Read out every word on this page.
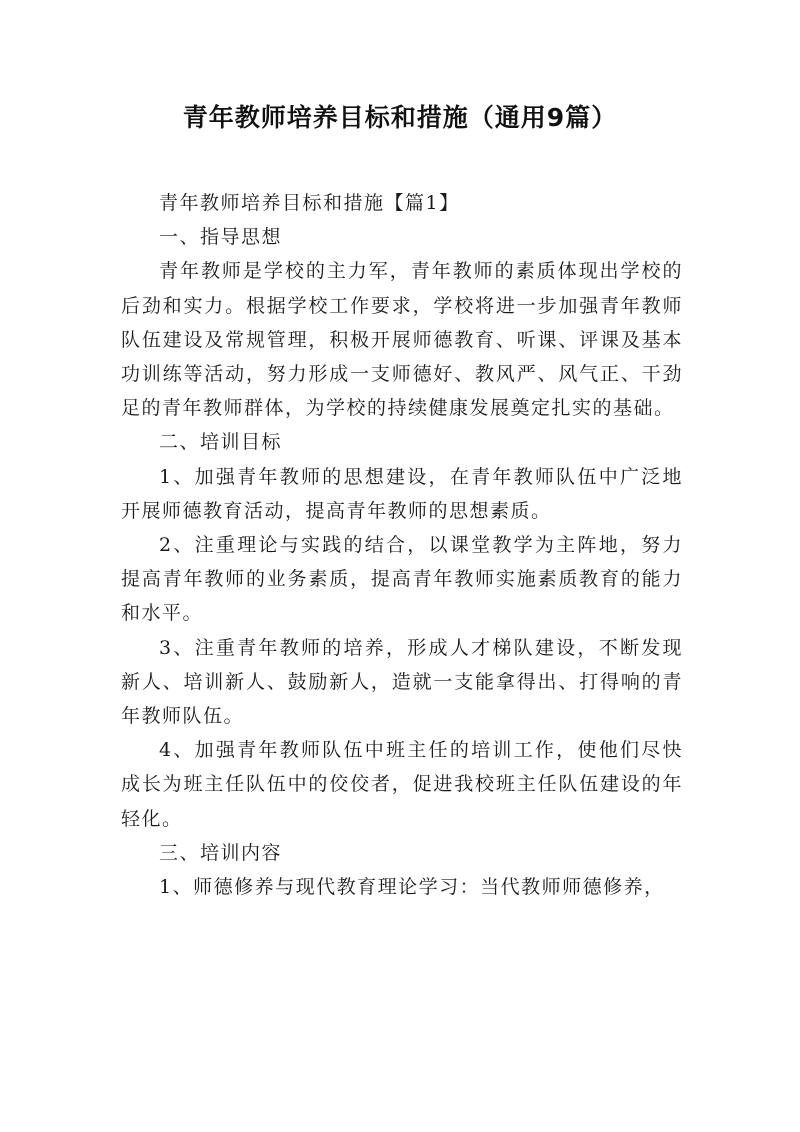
青年教师培养目标和措施（通用9篇）

青年教师培养目标和措施【篇1】

一、指导思想

青年教师是学校的主力军，青年教师的素质体现出学校的后劲和实力。根据学校工作要求，学校将进一步加强青年教师队伍建设及常规管理，积极开展师德教育、听课、评课及基本功训练等活动，努力形成一支师德好、教风严、风气正、干劲足的青年教师群体，为学校的持续健康发展奠定扎实的基础。

二、培训目标

1、加强青年教师的思想建设，在青年教师队伍中广泛地开展师德教育活动，提高青年教师的思想素质。

2、注重理论与实践的结合，以课堂教学为主阵地，努力提高青年教师的业务素质，提高青年教师实施素质教育的能力和水平。

3、注重青年教师的培养，形成人才梯队建设，不断发现新人、培训新人、鼓励新人，造就一支能拿得出、打得响的青年教师队伍。

4、加强青年教师队伍中班主任的培训工作，使他们尽快成长为班主任队伍中的佼佼者，促进我校班主任队伍建设的年轻化。

三、培训内容

1、师德修养与现代教育理论学习：当代教师师德修养，
